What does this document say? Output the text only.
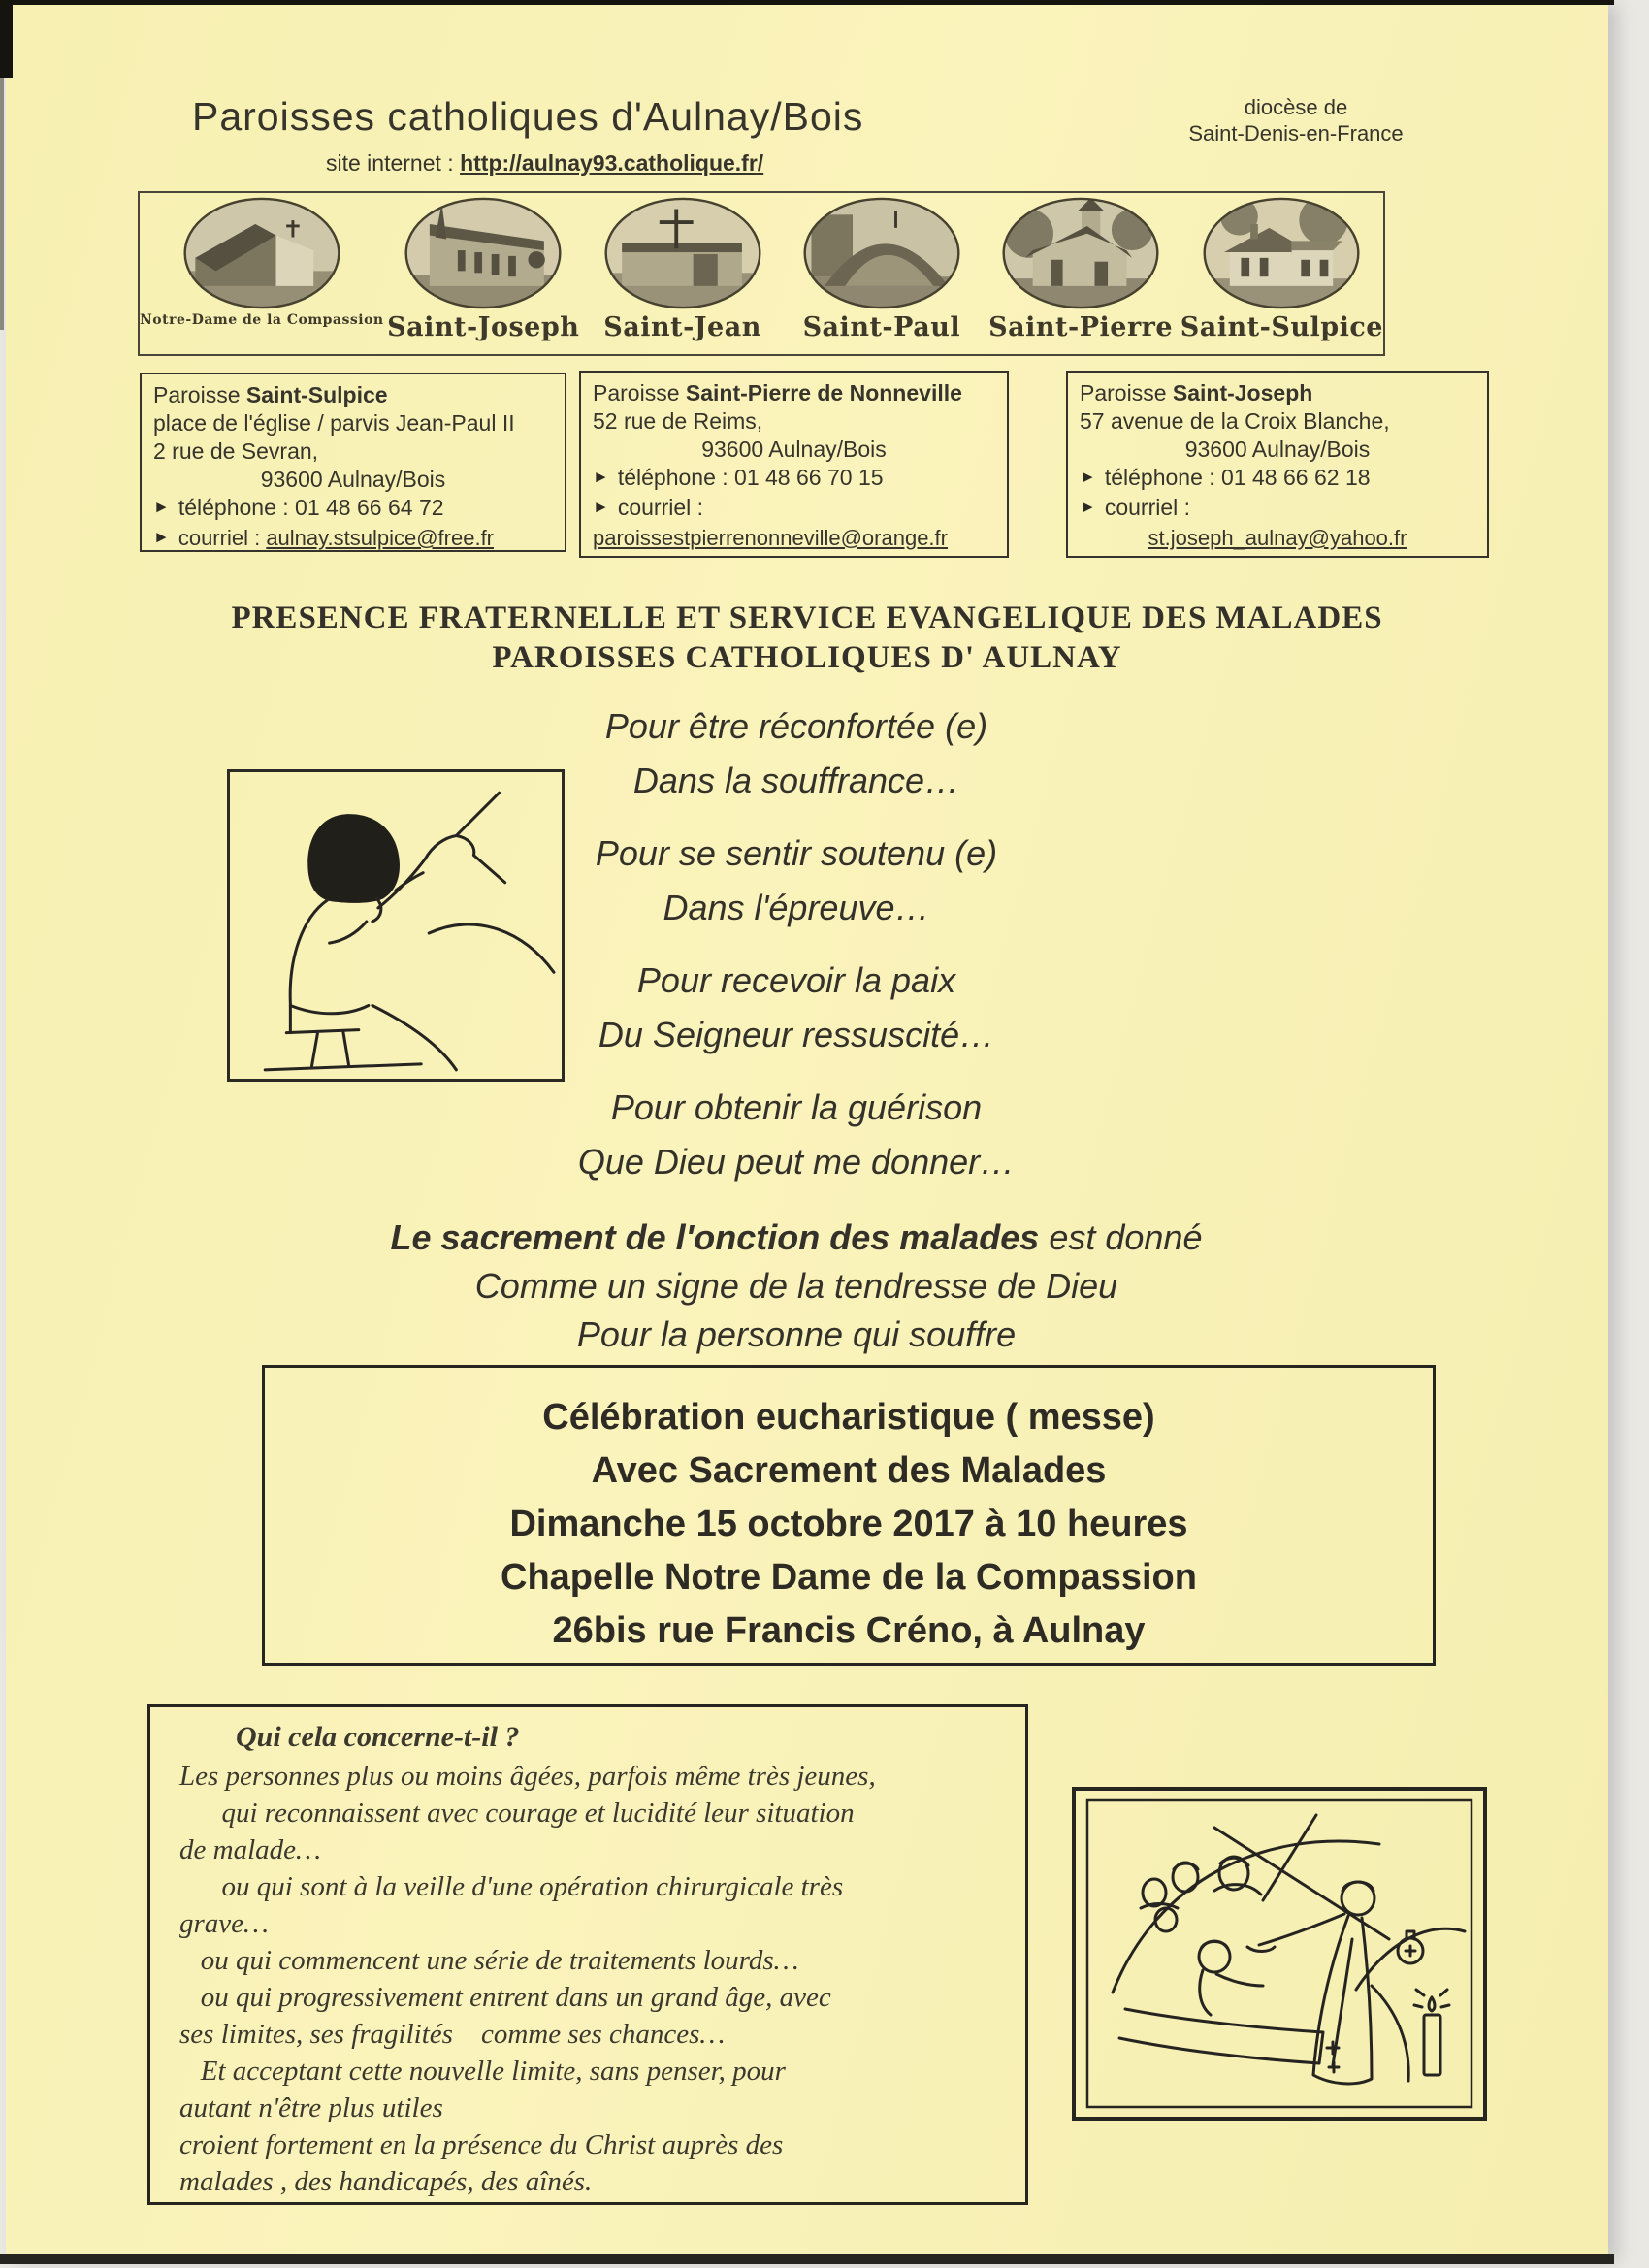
Paroisses catholiques d'Aulnay/Bois
site internet : http://aulnay93.catholique.fr/
diocèse de
Saint-Denis-en-France
Notre-Dame de la Compassion Saint-Joseph Saint-Jean Saint-Paul Saint-Pierre Saint-Sulpice
Paroisse Saint-Sulpice
place de l'église / parvis Jean-Paul II
2 rue de Sevran,
93600 Aulnay/Bois
► téléphone : 01 48 66 64 72
► courriel : aulnay.stsulpice@free.fr
Paroisse Saint-Pierre de Nonneville
52 rue de Reims,
93600 Aulnay/Bois
► téléphone : 01 48 66 70 15
► courriel :
paroissestpierrenonneville@orange.fr
Paroisse Saint-Joseph
57 avenue de la Croix Blanche,
93600 Aulnay/Bois
► téléphone : 01 48 66 62 18
► courriel :
st.joseph_aulnay@yahoo.fr
PRESENCE FRATERNELLE ET SERVICE EVANGELIQUE DES MALADES
PAROISSES CATHOLIQUES D' AULNAY
Pour être réconfortée (e)
Dans la souffrance…
Pour se sentir soutenu (e)
Dans l'épreuve…
Pour recevoir la paix
Du Seigneur ressuscité…
Pour obtenir la guérison
Que Dieu peut me donner…
Le sacrement de l'onction des malades est donné
Comme un signe de la tendresse de Dieu
Pour la personne qui souffre
Célébration eucharistique ( messe)
Avec Sacrement des Malades
Dimanche 15 octobre 2017 à 10 heures
Chapelle Notre Dame de la Compassion
26bis rue Francis Créno, à Aulnay
Qui cela concerne-t-il ?
Les personnes plus ou moins âgées, parfois même très jeunes,
qui reconnaissent avec courage et lucidité leur situation
de malade…
ou qui sont à la veille d'une opération chirurgicale très
grave…
ou qui commencent une série de traitements lourds…
ou qui progressivement entrent dans un grand âge, avec
ses limites, ses fragilités    comme ses chances…
Et acceptant cette nouvelle limite, sans penser, pour
autant n'être plus utiles
croient fortement en la présence du Christ auprès des
malades , des handicapés, des aînés.
